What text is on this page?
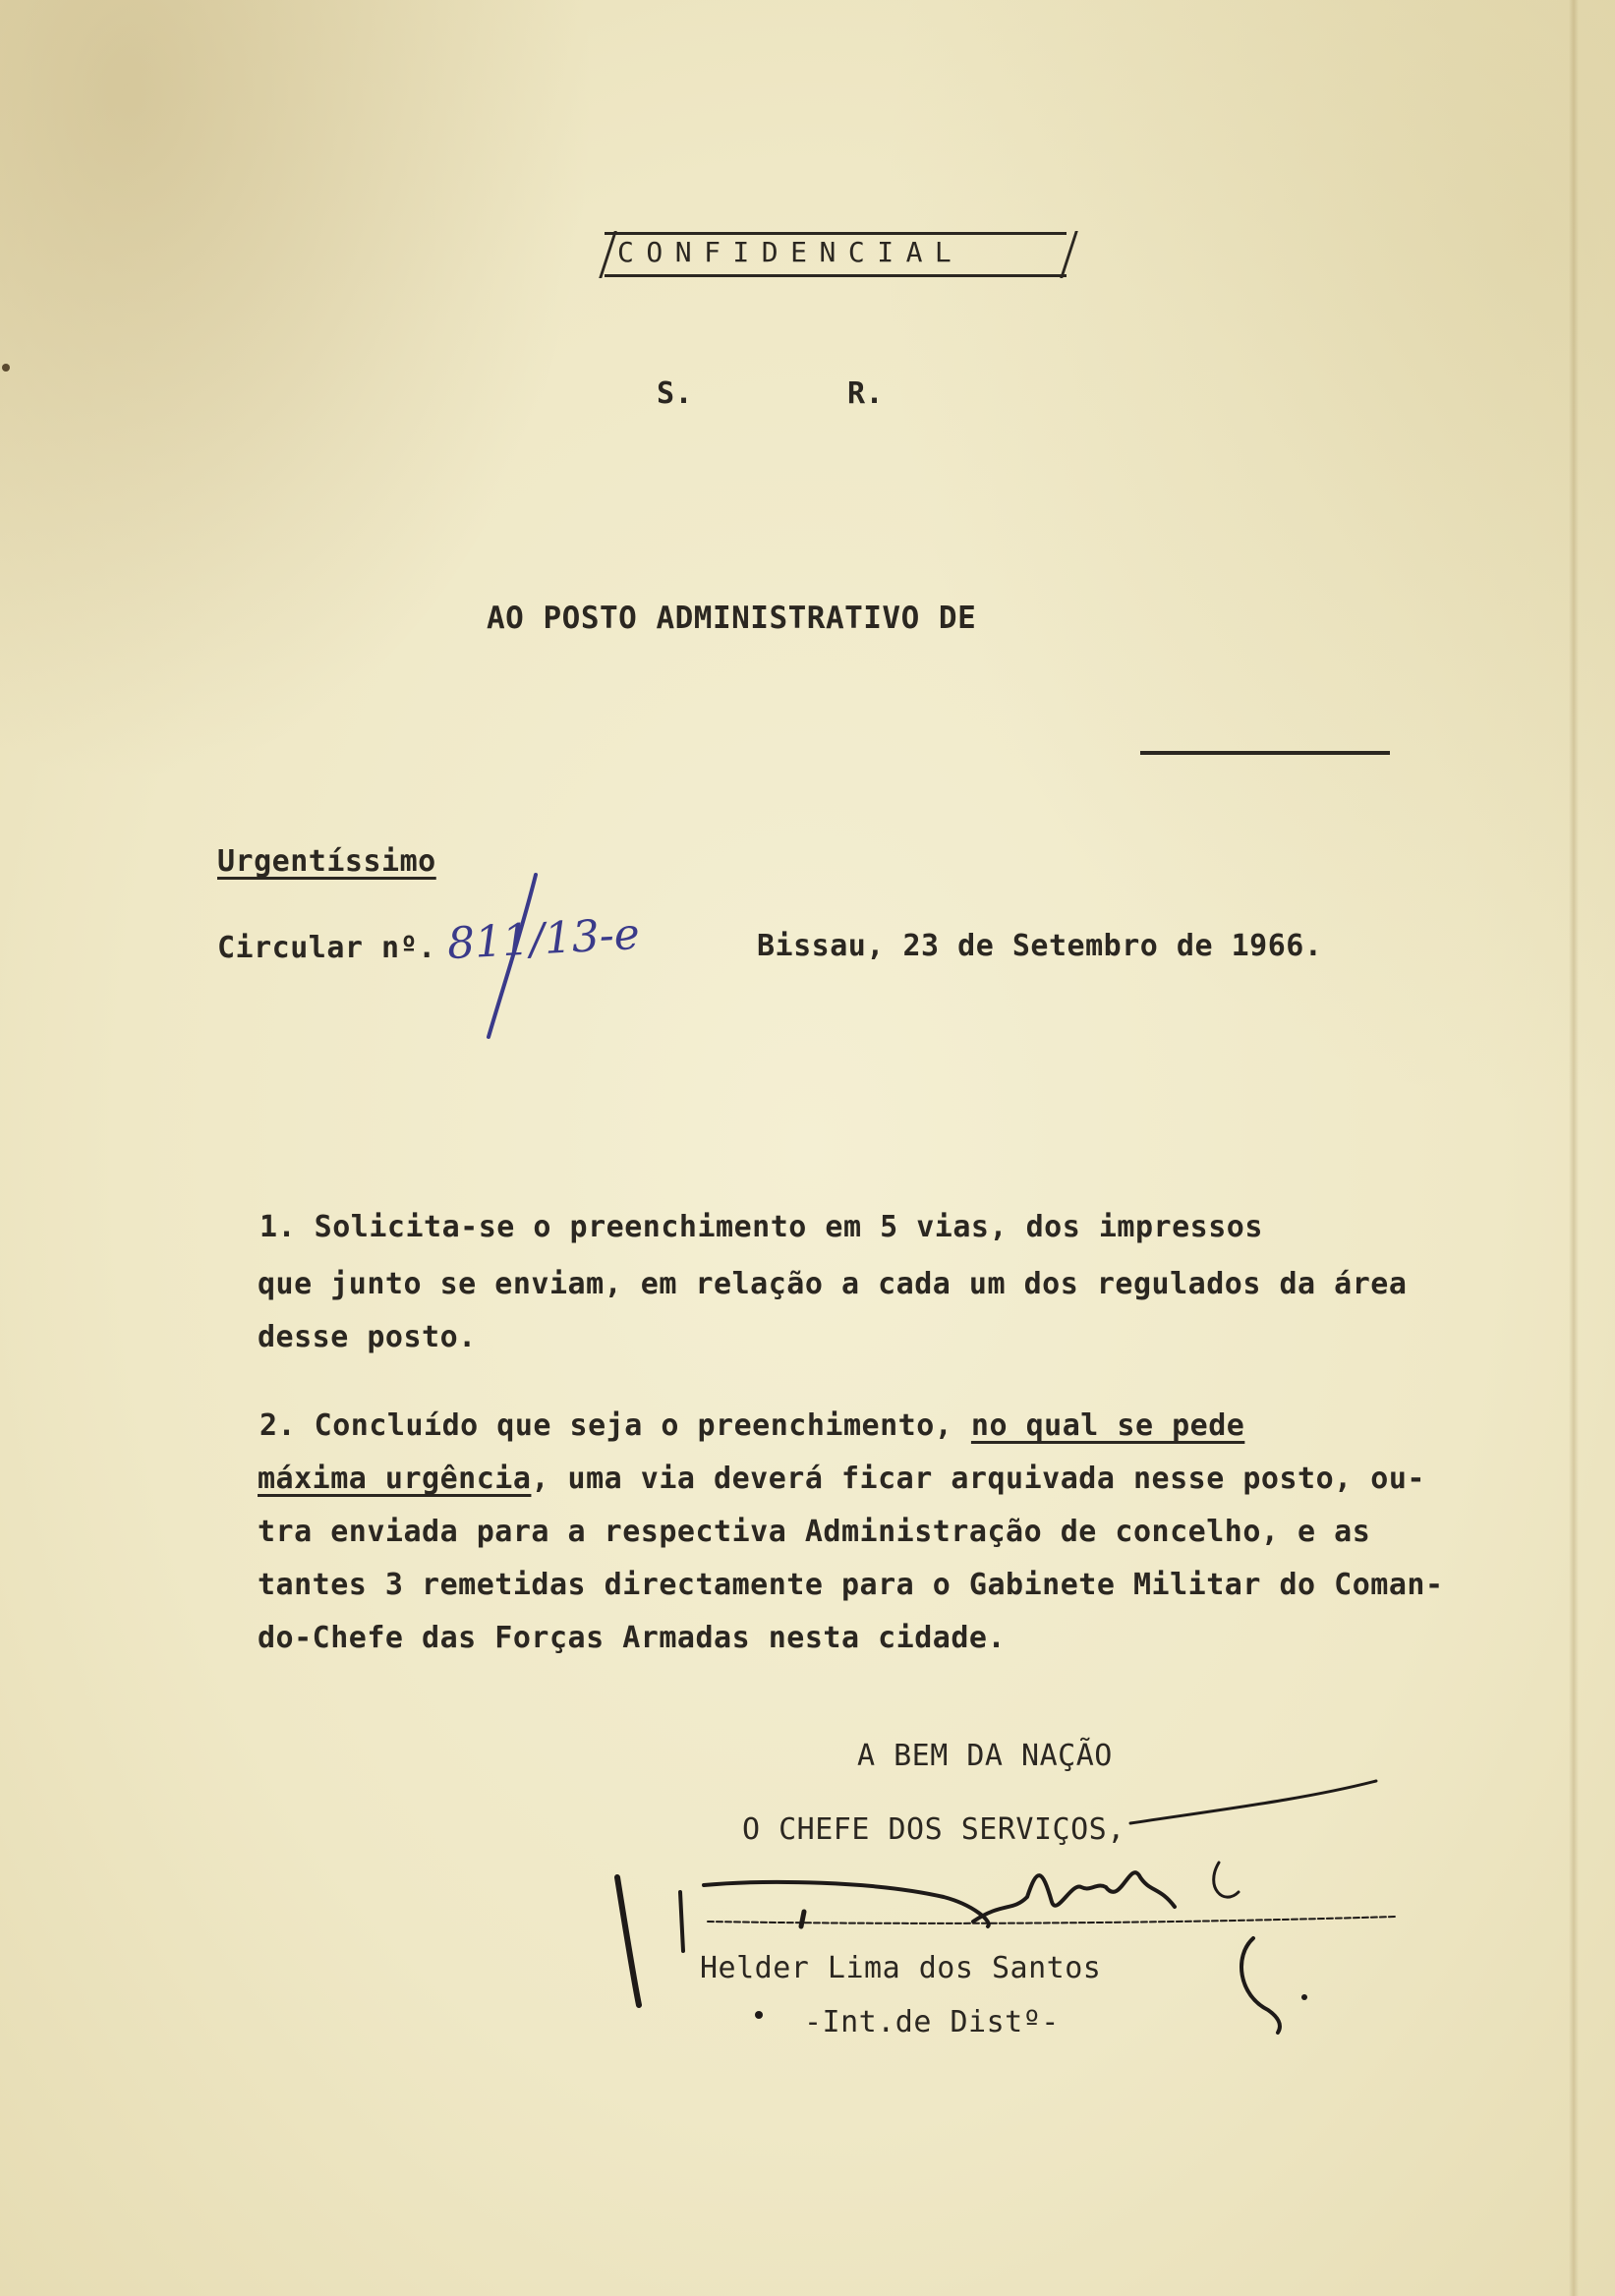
CONFIDENCIAL
S.	R.
AO POSTO ADMINISTRATIVO DE
Urgentíssimo
Circular nº. 811/13-e	Bissau, 23 de Setembro de 1966.
1. Solicita-se o preenchimento em 5 vias, dos impressos
que junto se enviam, em relação a cada um dos regulados da área
desse posto.
2. Concluído que seja o preenchimento, no qual se pede
máxima urgência, uma via deverá ficar arquivada nesse posto, ou-
tra enviada para a respectiva Administração de concelho, e as
tantes 3 remetidas directamente para o Gabinete Militar do Coman-
do-Chefe das Forças Armadas nesta cidade.
A BEM DA NAÇÃO
O CHEFE DOS SERVIÇOS,
Helder Lima dos Santos
-Int.de Distº-
